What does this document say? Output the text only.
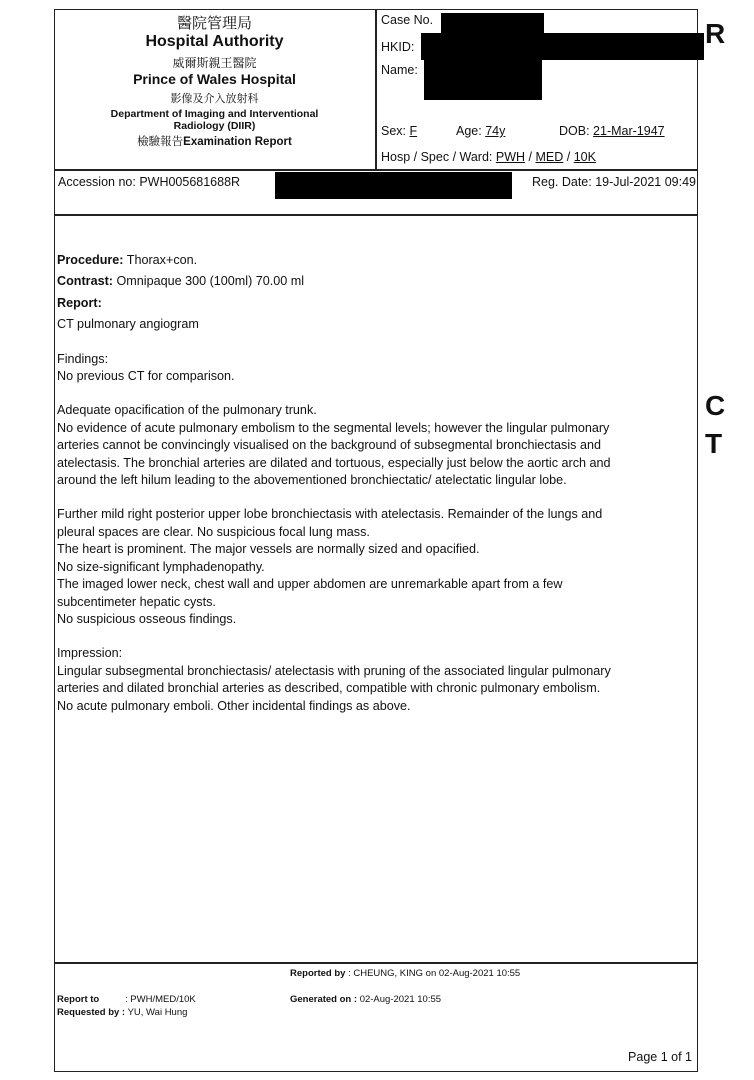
醫院管理局
Hospital Authority
威爾斯親王醫院
Prince of Wales Hospital
影像及介入放射科
Department of Imaging and Interventional
Radiology (DIIR)
檢驗報告Examination Report
Case No.
HKID:
Name:
Sex: F	Age: 74y	DOB: 21-Mar-1947
Hosp / Spec / Ward: PWH / MED / 10K
R
C
T
Accession no: PWH005681688R	Reg. Date: 19-Jul-2021 09:49

Procedure: Thorax+con.

Contrast: Omnipaque 300 (100ml) 70.00 ml

Report:

CT pulmonary angiogram

Findings:

No previous CT for comparison.

Adequate opacification of the pulmonary trunk.

No evidence of acute pulmonary embolism to the segmental levels; however the lingular pulmonary

arteries cannot be convincingly visualised on the background of subsegmental bronchiectasis and

atelectasis. The bronchial arteries are dilated and tortuous, especially just below the aortic arch and

around the left hilum leading to the abovementioned bronchiectatic/ atelectatic lingular lobe.

Further mild right posterior upper lobe bronchiectasis with atelectasis. Remainder of the lungs and

pleural spaces are clear. No suspicious focal lung mass.

The heart is prominent. The major vessels are normally sized and opacified.

No size-significant lymphadenopathy.

The imaged lower neck, chest wall and upper abdomen are unremarkable apart from a few

subcentimeter hepatic cysts.

No suspicious osseous findings.

Impression:

Lingular subsegmental bronchiectasis/ atelectasis with pruning of the associated lingular pulmonary

arteries and dilated bronchial arteries as described, compatible with chronic pulmonary embolism.

No acute pulmonary emboli. Other incidental findings as above.

Reported by : CHEUNG, KING on 02-Aug-2021 10:55
Report to	: PWH/MED/10K	Generated on : 02-Aug-2021 10:55
Requested by : YU, Wai Hung
Page 1 of 1
